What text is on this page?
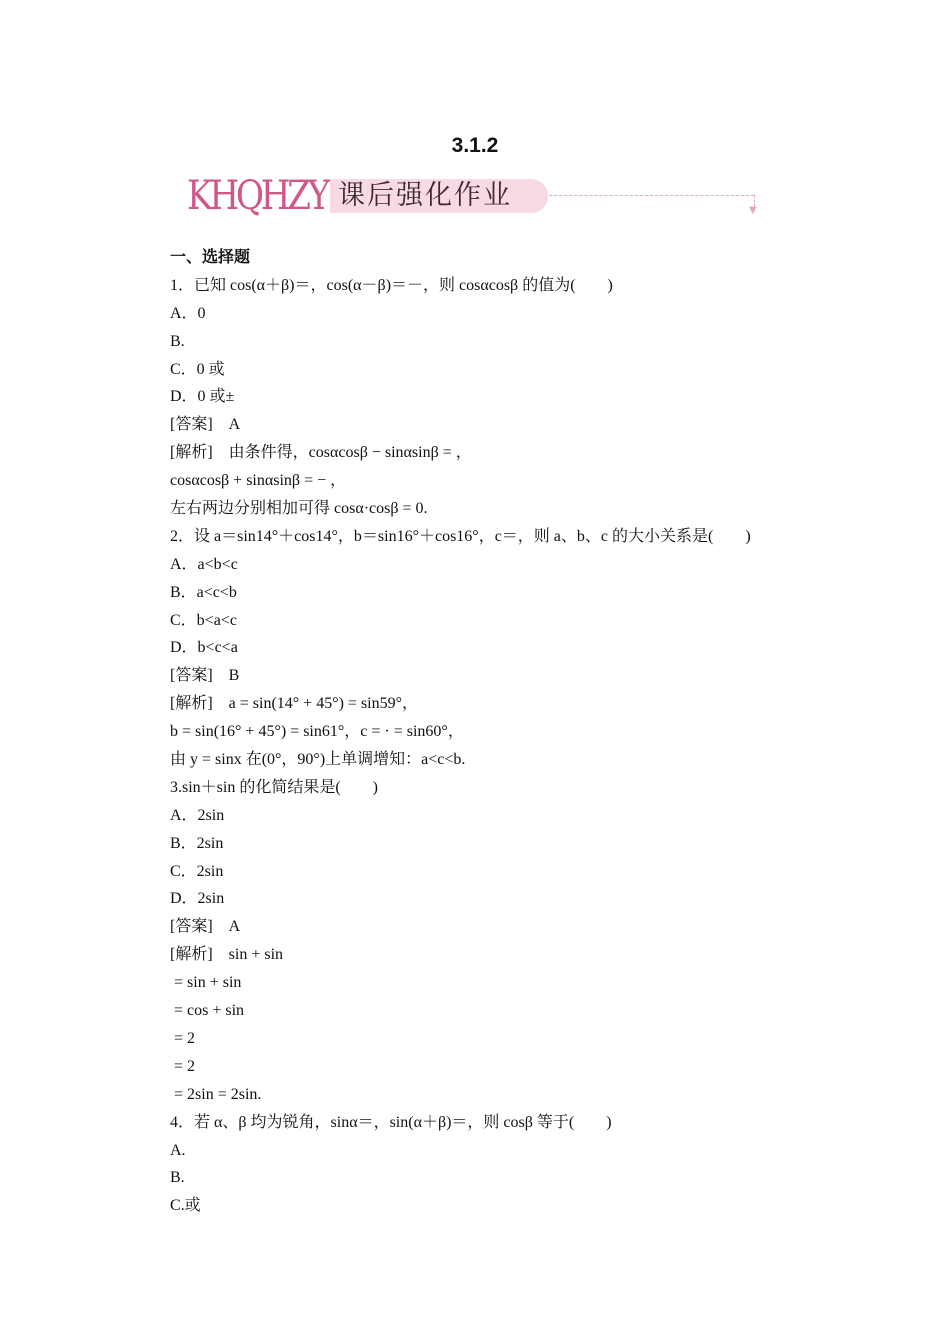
3.1.2
KHQHZY 课后强化作业	▼
一、选择题
1．已知 cos(α＋β)＝，cos(α－β)＝－，则 cosαcosβ 的值为(　　)
A．0
B.
C．0 或
D．0 或±
[答案]　A
[解析]　由条件得，cosαcosβ − sinαsinβ = ，
cosαcosβ + sinαsinβ = − ，
左右两边分别相加可得 cosα·cosβ = 0.
2．设 a＝sin14°＋cos14°，b＝sin16°＋cos16°，c＝，则 a、b、c 的大小关系是(　　)
A．a<b<c
B．a<c<b
C．b<a<c
D．b<c<a
[答案]　B
[解析]　a = sin(14° + 45°) = sin59°，
b = sin(16° + 45°) = sin61°，c = · = sin60°，
由 y = sinx 在(0°，90°)上单调增知：a<c<b.
3.sin＋sin 的化简结果是(　　)
A．2sin
B．2sin
C．2sin
D．2sin
[答案]　A
[解析]　sin + sin
= sin + sin
= cos + sin
= 2
= 2
= 2sin = 2sin.
4．若 α、β 均为锐角，sinα＝，sin(α＋β)＝，则 cosβ 等于(　　)
A.
B.
C.或
